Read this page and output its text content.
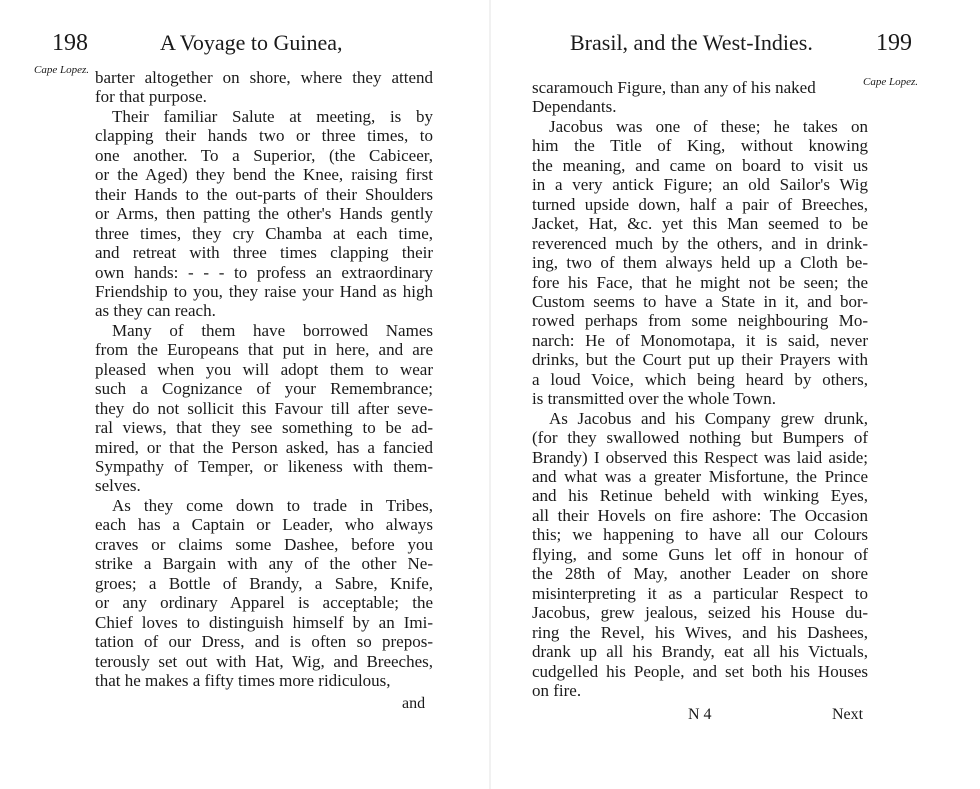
198	A Voyage to Guinea,
Cape Lopez. barter altogether on shore, where they attend
for that purpose.
Their familiar Salute at meeting, is by
clapping their hands two or three times, to
one another. To a Superior, (the Cabiceer,
or the Aged) they bend the Knee, raising first
their Hands to the out-parts of their Shoulders
or Arms, then patting the other's Hands gently
three times, they cry Chamba at each time,
and retreat with three times clapping their
own hands: - - - to profess an extraordinary
Friendship to you, they raise your Hand as high
as they can reach.
Many of them have borrowed Names
from the Europeans that put in here, and are
pleased when you will adopt them to wear
such a Cognizance of your Remembrance;
they do not sollicit this Favour till after seve-
ral views, that they see something to be ad-
mired, or that the Person asked, has a fancied
Sympathy of Temper, or likeness with them-
selves.
As they come down to trade in Tribes,
each has a Captain or Leader, who always
craves or claims some Dashee, before you
strike a Bargain with any of the other Ne-
groes; a Bottle of Brandy, a Sabre, Knife,
or any ordinary Apparel is acceptable; the
Chief loves to distinguish himself by an Imi-
tation of our Dress, and is often so prepos-
terously set out with Hat, Wig, and Breeches,
that he makes a fifty times more ridiculous,
and
Brasil, and the West-Indies.	199
Cape Lopez.
scaramouch Figure, than any of his naked
Dependants.
Jacobus was one of these; he takes on
him the Title of King, without knowing
the meaning, and came on board to visit us
in a very antick Figure; an old Sailor's Wig
turned upside down, half a pair of Breeches,
Jacket, Hat, &c. yet this Man seemed to be
reverenced much by the others, and in drink-
ing, two of them always held up a Cloth be-
fore his Face, that he might not be seen; the
Custom seems to have a State in it, and bor-
rowed perhaps from some neighbouring Mo-
narch: He of Monomotapa, it is said, never
drinks, but the Court put up their Prayers with
a loud Voice, which being heard by others,
is transmitted over the whole Town.
As Jacobus and his Company grew drunk,
(for they swallowed nothing but Bumpers of
Brandy) I observed this Respect was laid aside;
and what was a greater Misfortune, the Prince
and his Retinue beheld with winking Eyes,
all their Hovels on fire ashore: The Occasion
this; we happening to have all our Colours
flying, and some Guns let off in honour of
the 28th of May, another Leader on shore
misinterpreting it as a particular Respect to
Jacobus, grew jealous, seized his House du-
ring the Revel, his Wives, and his Dashees,
drank up all his Brandy, eat all his Victuals,
cudgelled his People, and set both his Houses
on fire.
N 4	Next
